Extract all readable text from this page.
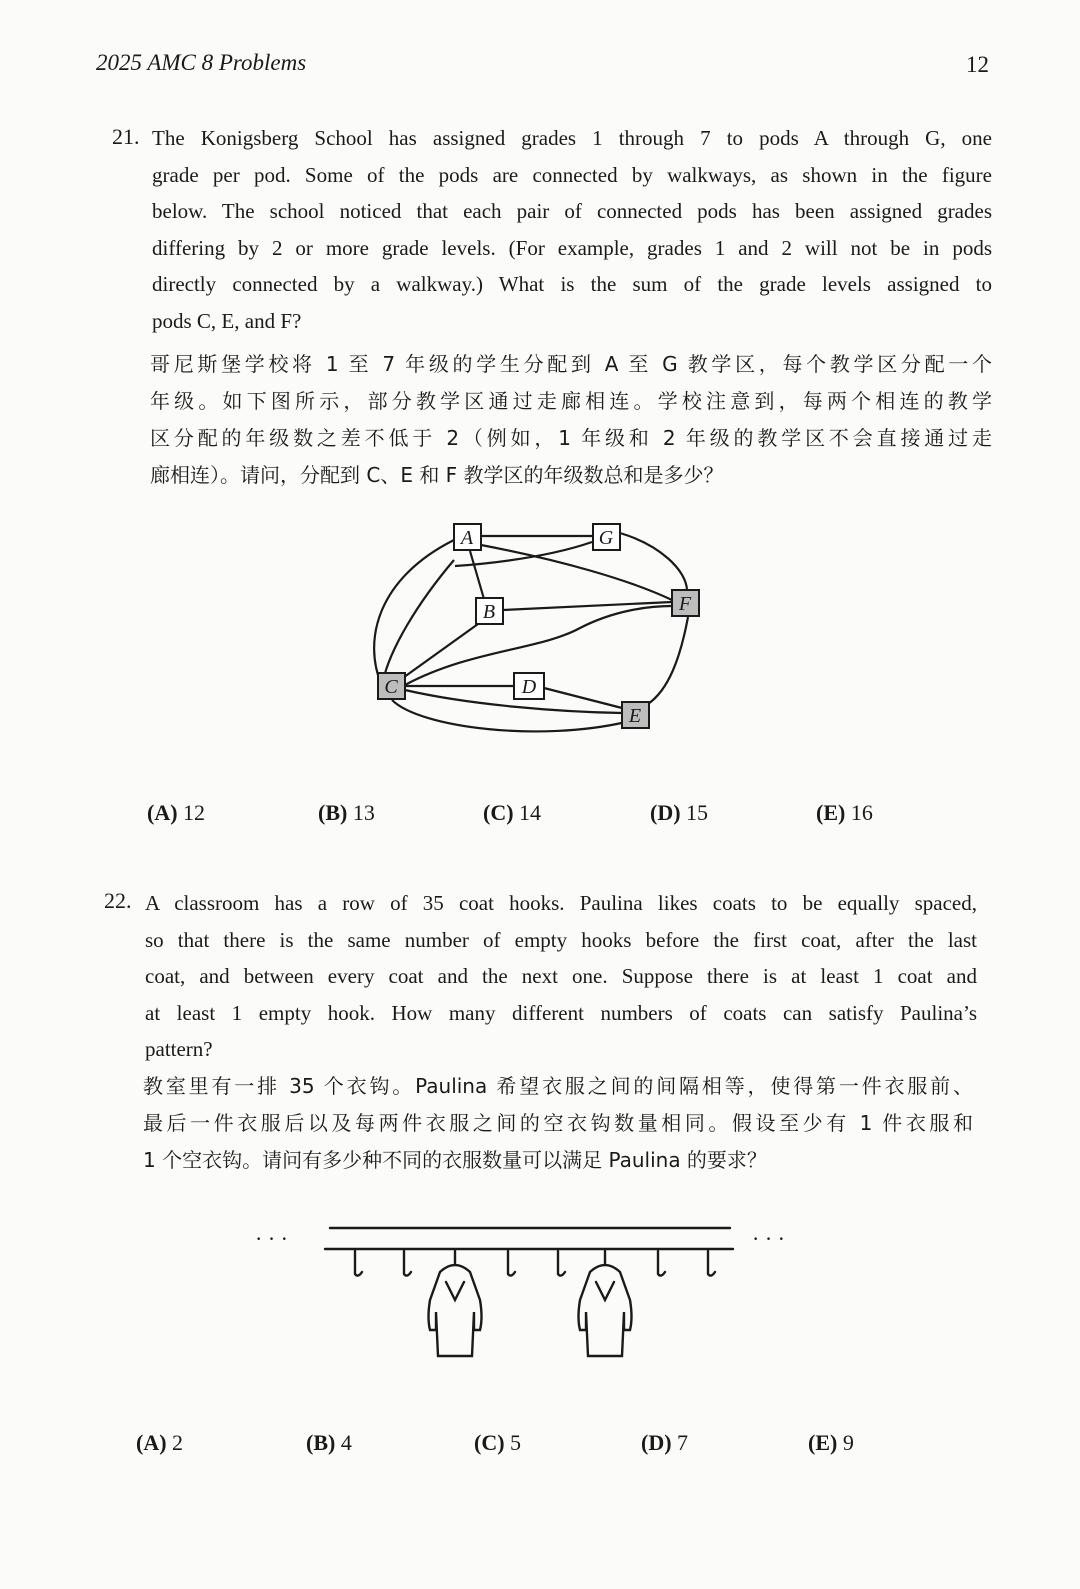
2025 AMC 8 Problems	12
21. The Konigsberg School has assigned grades 1 through 7 to pods A through G, one
grade per pod. Some of the pods are connected by walkways, as shown in the figure
below. The school noticed that each pair of connected pods has been assigned grades
differing by 2 or more grade levels. (For example, grades 1 and 2 will not be in pods
directly connected by a walkway.) What is the sum of the grade levels assigned to
pods C, E, and F?
哥尼斯堡学校将 1 至 7 年级的学生分配到 A 至 G 教学区，每个教学区分配一个
年级。如下图所示，部分教学区通过走廊相连。学校注意到，每两个相连的教学
区分配的年级数之差不低于 2（例如，1 年级和 2 年级的教学区不会直接通过走
廊相连）。请问，分配到 C、E 和 F 教学区的年级数总和是多少？
A	G
B	F
C	D
E
(A) 12	(B) 13	(C) 14	(D) 15	(E) 16
22. A classroom has a row of 35 coat hooks. Paulina likes coats to be equally spaced,
so that there is the same number of empty hooks before the first coat, after the last
coat, and between every coat and the next one. Suppose there is at least 1 coat and
at least 1 empty hook. How many different numbers of coats can satisfy Paulina’s
pattern?
教室里有一排 35 个衣钩。Paulina 希望衣服之间的间隔相等，使得第一件衣服前、
最后一件衣服后以及每两件衣服之间的空衣钩数量相同。假设至少有 1 件衣服和
1 个空衣钩。请问有多少种不同的衣服数量可以满足 Paulina 的要求？
· · ·	· · ·
(A) 2	(B) 4	(C) 5	(D) 7	(E) 9
